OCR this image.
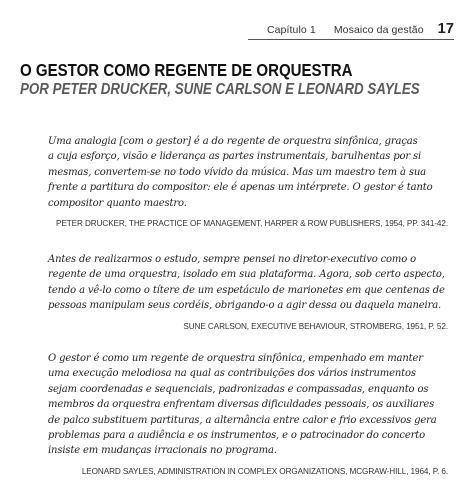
Capítulo 1 Mosaico da gestão 17
O GESTOR COMO REGENTE DE ORQUESTRA
POR PETER DRUCKER, SUNE CARLSON E LEONARD SAYLES

Uma analogia [com o gestor] é a do regente de orquestra sinfônica, graças
a cuja esforço, visão e liderança as partes instrumentais, barulhentas por si
mesmas, convertem-se no todo vívido da música. Mas um maestro tem à sua
frente a partitura do compositor: ele é apenas um intérprete. O gestor é tanto
compositor quanto maestro.

PETER DRUCKER, THE PRACTICE OF MANAGEMENT, HARPER & ROW PUBLISHERS, 1954, PP. 341-42.

Antes de realizarmos o estudo, sempre pensei no diretor-executivo como o
regente de uma orquestra, isolado em sua plataforma. Agora, sob certo aspecto,
tendo a vê-lo como o títere de um espetáculo de marionetes em que centenas de
pessoas manipulam seus cordéis, obrigando-o a agir dessa ou daquela maneira.

SUNE CARLSON, EXECUTIVE BEHAVIOUR, STROMBERG, 1951, P. 52.

O gestor é como um regente de orquestra sinfônica, empenhado em manter
uma execução melodiosa na qual as contribuições dos vários instrumentos
sejam coordenadas e sequenciais, padronizadas e compassadas, enquanto os
membros da orquestra enfrentam diversas dificuldades pessoais, os auxiliares
de palco substituem partituras, a alternância entre calor e frio excessivos gera
problemas para a audiência e os instrumentos, e o patrocinador do concerto
insiste em mudanças irracionais no programa.

LEONARD SAYLES, ADMINISTRATION IN COMPLEX ORGANIZATIONS, MCGRAW-HILL, 1964, P. 6.
